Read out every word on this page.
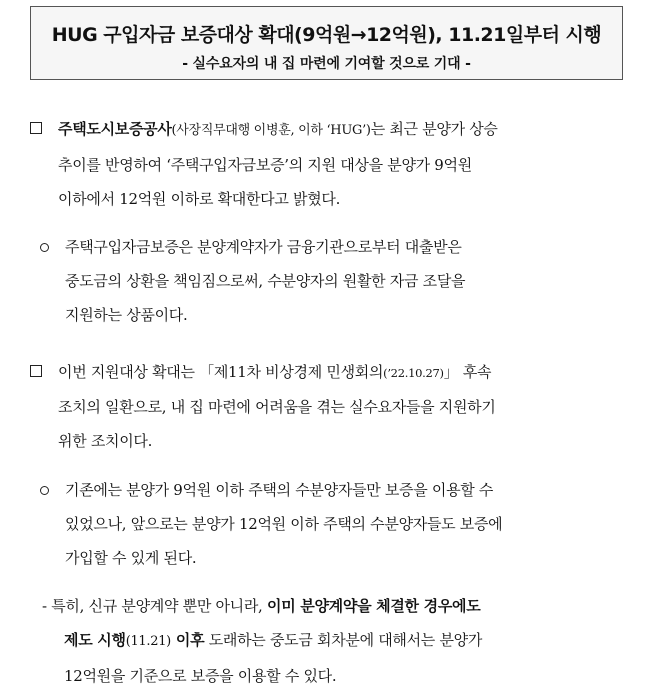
HUG 구입자금 보증대상 확대(9억원→12억원), 11.21일부터 시행
- 실수요자의 내 집 마련에 기여할 것으로 기대 -
주택도시보증공사(사장직무대행 이병훈, 이하 ‘HUG’)는 최근 분양가 상승
추이를 반영하여 ‘주택구입자금보증’의 지원 대상을 분양가 9억원
이하에서 12억원 이하로 확대한다고 밝혔다.
주택구입자금보증은 분양계약자가 금융기관으로부터 대출받은
중도금의 상환을 책임짐으로써, 수분양자의 원활한 자금 조달을
지원하는 상품이다.
이번 지원대상 확대는 「제11차 비상경제 민생회의(’22.10.27)」 후속
조치의 일환으로, 내 집 마련에 어려움을 겪는 실수요자들을 지원하기
위한 조치이다.
기존에는 분양가 9억원 이하 주택의 수분양자들만 보증을 이용할 수
있었으나, 앞으로는 분양가 12억원 이하 주택의 수분양자들도 보증에
가입할 수 있게 된다.
- 특히, 신규 분양계약 뿐만 아니라, 이미 분양계약을 체결한 경우에도
제도 시행(11.21) 이후 도래하는 중도금 회차분에 대해서는 분양가
12억원을 기준으로 보증을 이용할 수 있다.
